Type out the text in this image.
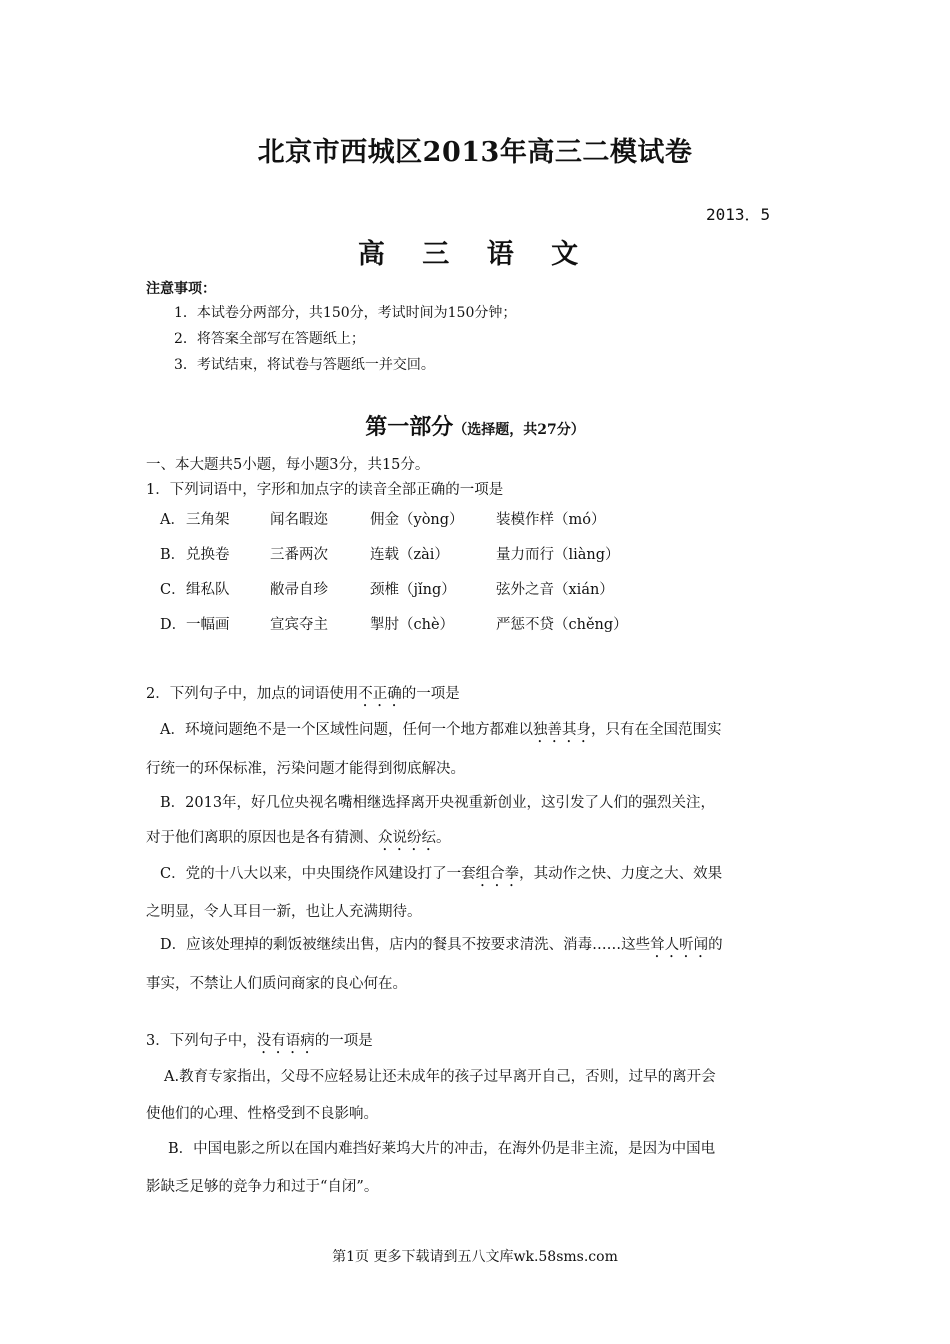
北京市西城区2013年高三二模试卷
2013．5
高 三 语 文
注意事项：
1．本试卷分两部分，共150分，考试时间为150分钟；
2．将答案全部写在答题纸上；
3．考试结束，将试卷与答题纸一并交回。
第一部分（选择题，共27分）
一、本大题共5小题，每小题3分，共15分。
1．下列词语中，字形和加点字的读音全部正确的一项是
A． 三角架	闻名暇迩	佣金（yòng） 装模作样（mó）
B． 兑换卷	三番两次	连载（zài）	量力而行（liàng）
C． 缉私队	敝帚自珍	颈椎（jǐng）	弦外之音（xián）
D． 一幅画	宣宾夺主	掣肘（chè）	严惩不贷（chěng）
2．下列句子中，加点的词语使用不正确的一项是
A．环境问题绝不是一个区域性问题，任何一个地方都难以独善其身，只有在全国范围实
行统一的环保标准，污染问题才能得到彻底解决。
B．2013年，好几位央视名嘴相继选择离开央视重新创业，这引发了人们的强烈关注，
对于他们离职的原因也是各有猜测、众说纷纭。
C．党的十八大以来，中央围绕作风建设打了一套组合拳，其动作之快、力度之大、效果
之明显，令人耳目一新，也让人充满期待。
D．应该处理掉的剩饭被继续出售，店内的餐具不按要求清洗、消毒……这些耸人听闻的
事实，不禁让人们质问商家的良心何在。
3．下列句子中，没有语病的一项是
A.教育专家指出，父母不应轻易让还未成年的孩子过早离开自己，否则，过早的离开会
使他们的心理、性格受到不良影响。
B．中国电影之所以在国内难挡好莱坞大片的冲击，在海外仍是非主流，是因为中国电
影缺乏足够的竞争力和过于“自闭”。
第1页 更多下载请到五八文库wk.58sms.com
